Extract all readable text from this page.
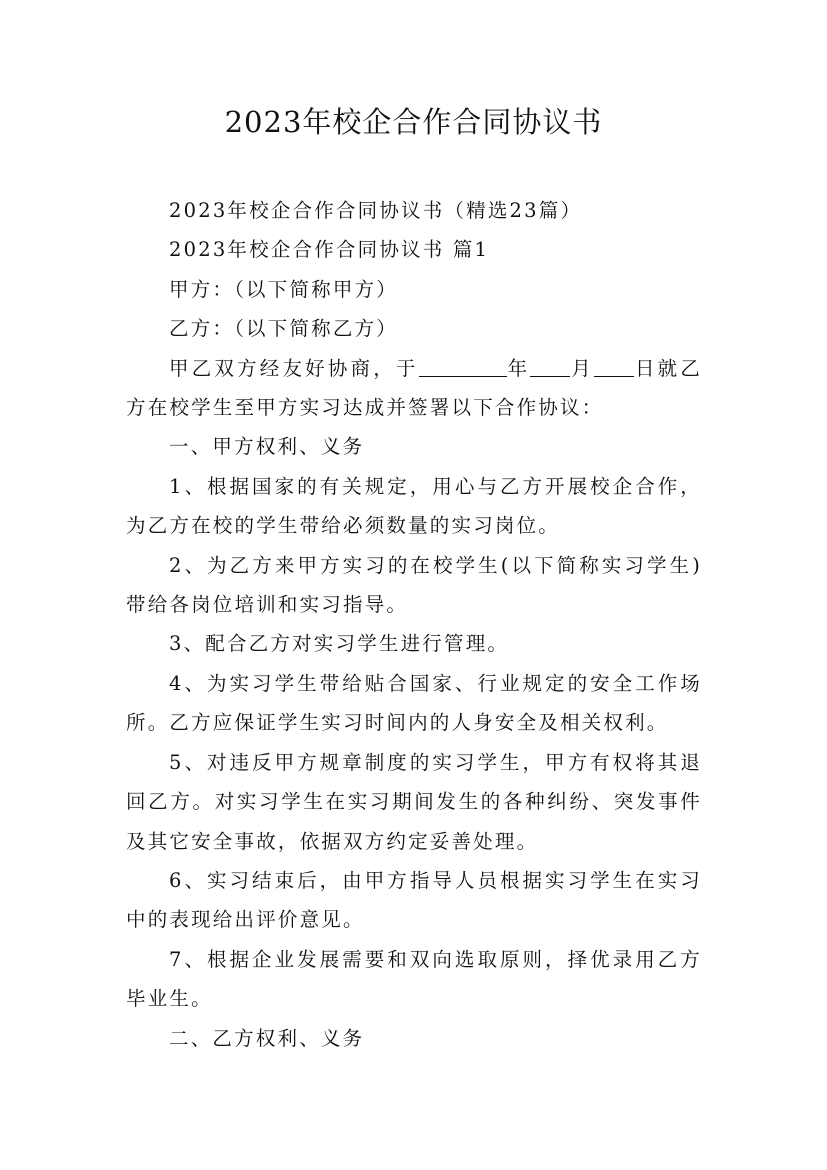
2023年校企合作合同协议书

2023年校企合作合同协议书（精选23篇）

2023年校企合作合同协议书 篇1

甲方：（以下简称甲方）

乙方：（以下简称乙方）

甲乙双方经友好协商，于	年 月 日就乙方在校学生至甲方实习达成并签署以下合作协议：

一、甲方权利、义务

1、根据国家的有关规定，用心与乙方开展校企合作，为乙方在校的学生带给必须数量的实习岗位。

2、为乙方来甲方实习的在校学生(以下简称实习学生)带给各岗位培训和实习指导。

3、配合乙方对实习学生进行管理。

4、为实习学生带给贴合国家、行业规定的安全工作场所。乙方应保证学生实习时间内的人身安全及相关权利。

5、对违反甲方规章制度的实习学生，甲方有权将其退回乙方。对实习学生在实习期间发生的各种纠纷、突发事件及其它安全事故，依据双方约定妥善处理。

6、实习结束后，由甲方指导人员根据实习学生在实习中的表现给出评价意见。

7、根据企业发展需要和双向选取原则，择优录用乙方毕业生。

二、乙方权利、义务
